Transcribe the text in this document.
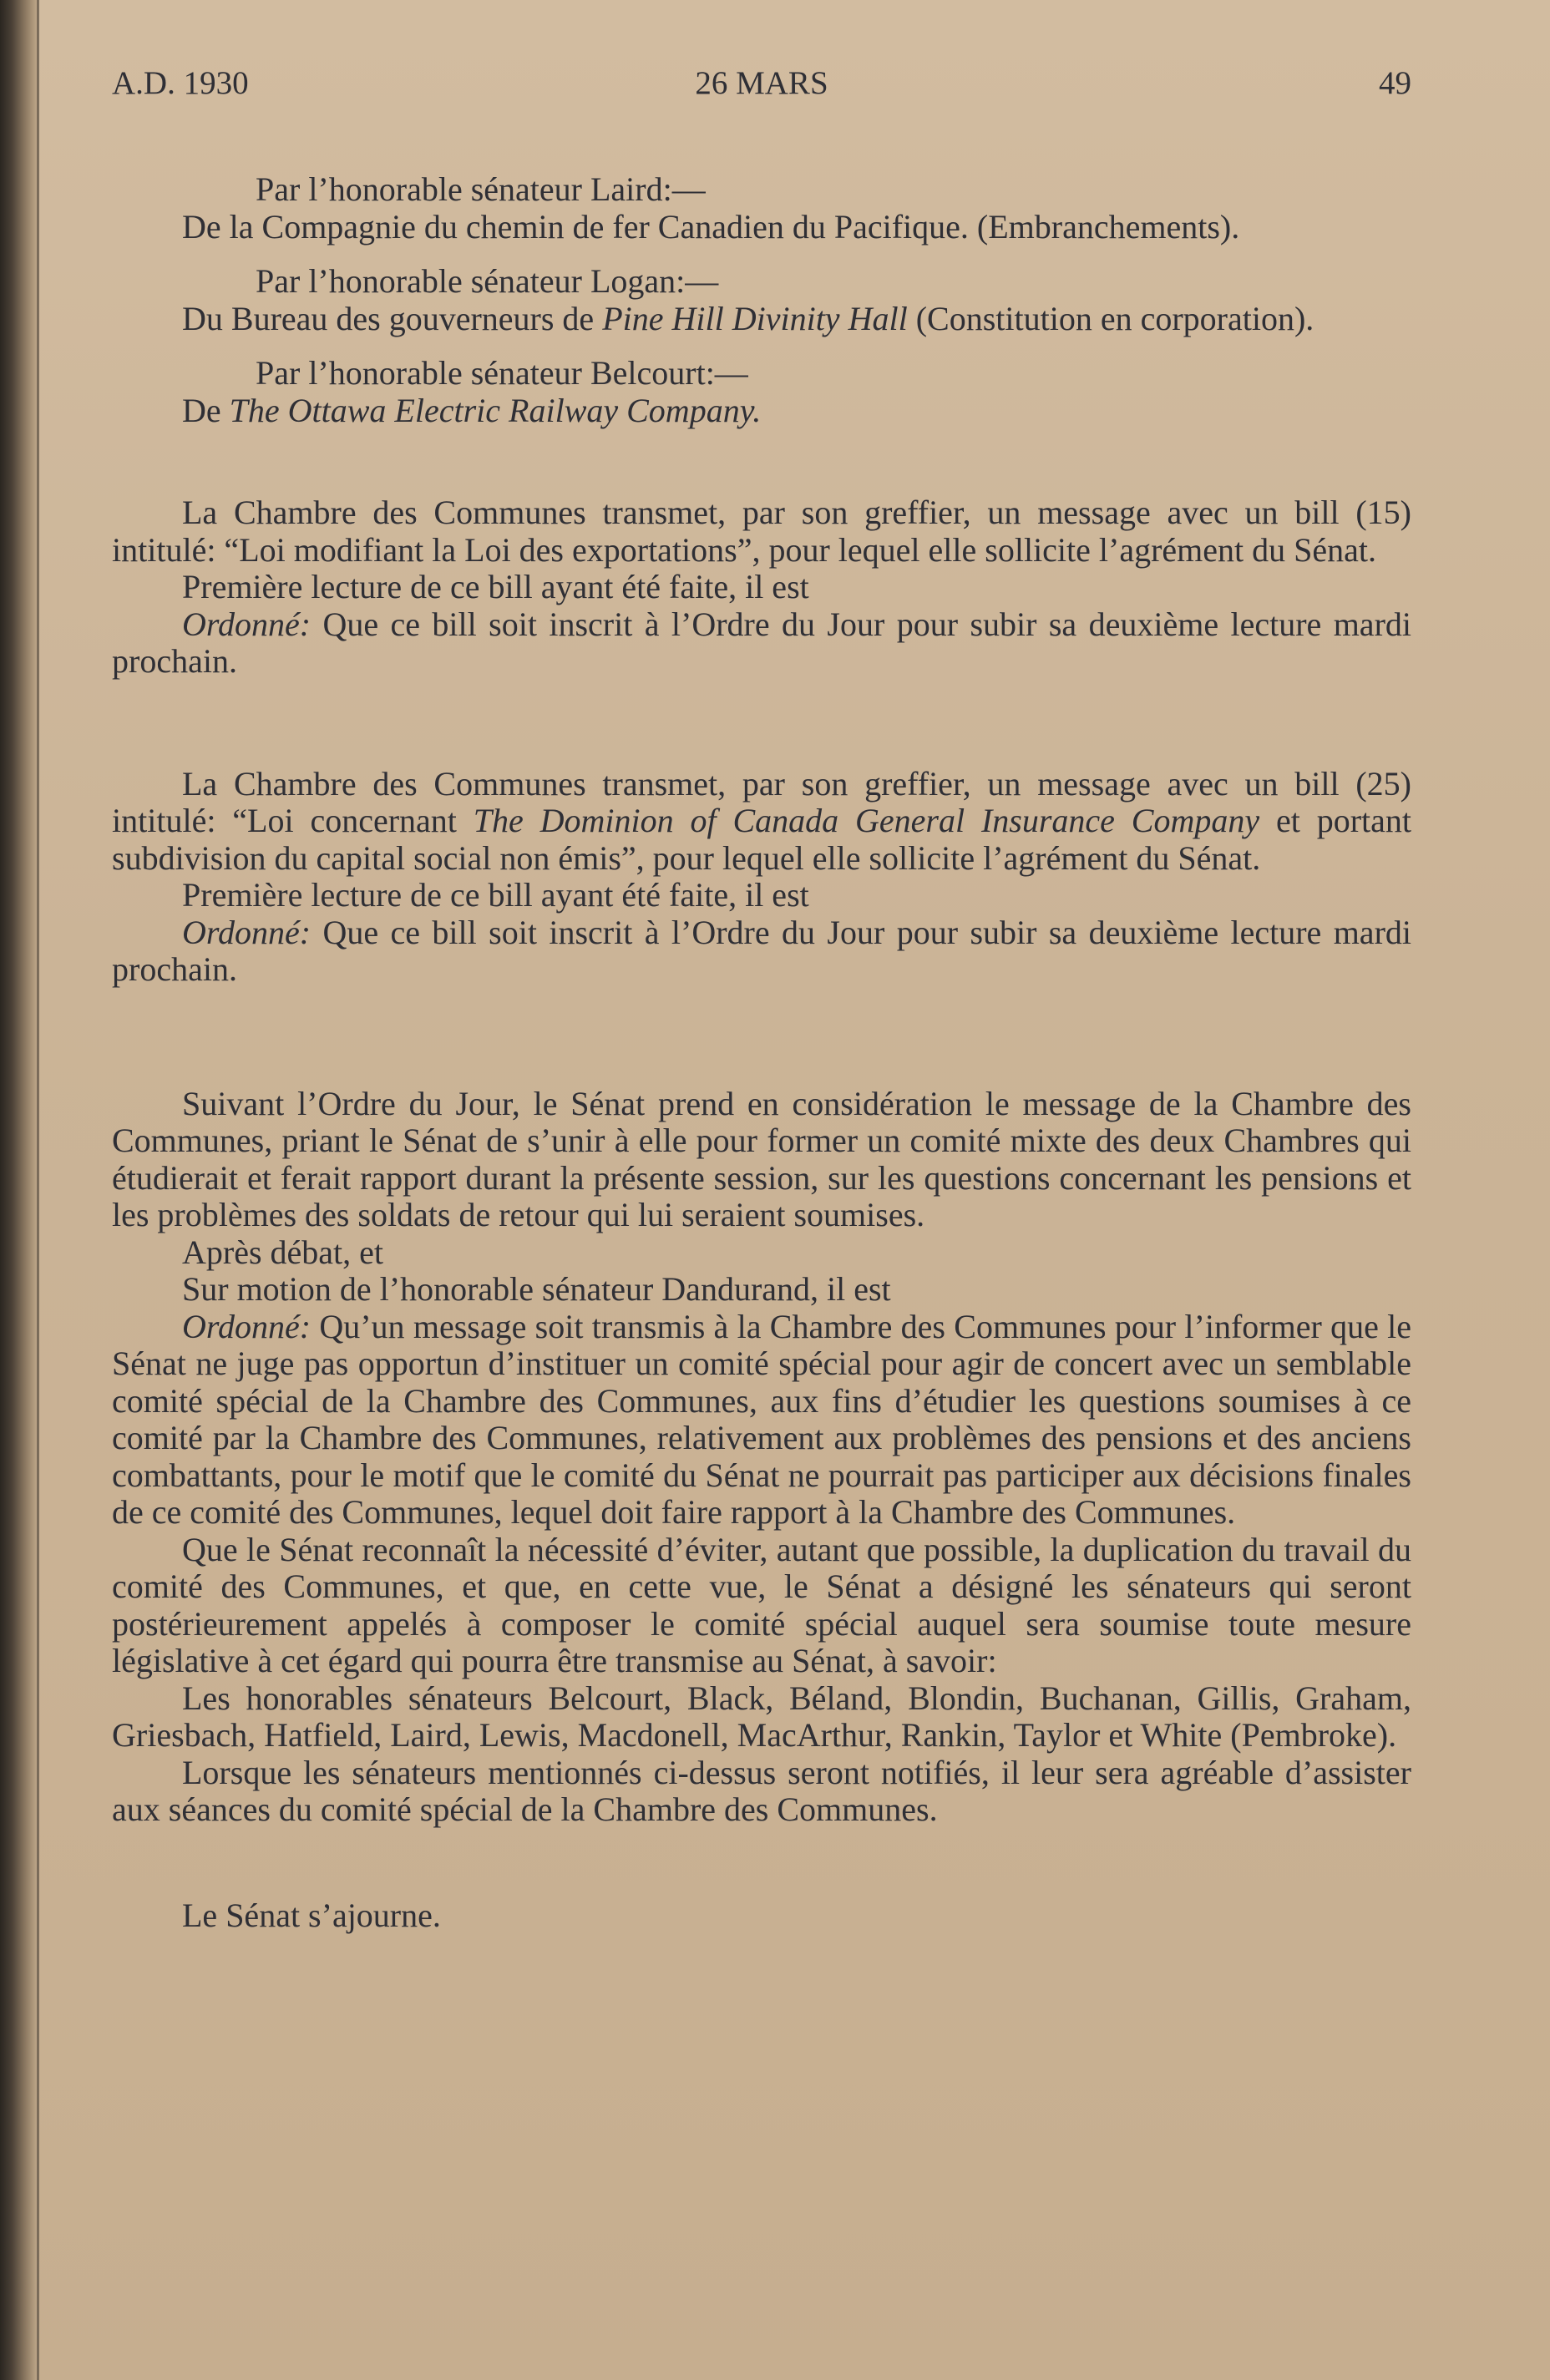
A.D. 1930	26 MARS	49

Par l’honorable sénateur Laird:—

De la Compagnie du chemin de fer Canadien du Pacifique. (Embranchements).

Par l’honorable sénateur Logan:—

Du Bureau des gouverneurs de Pine Hill Divinity Hall (Constitution en corporation).

Par l’honorable sénateur Belcourt:—

De The Ottawa Electric Railway Company.

La Chambre des Communes transmet, par son greffier, un message avec un bill (15) intitulé: “Loi modifiant la Loi des exportations”, pour lequel elle sollicite l’agrément du Sénat.

Première lecture de ce bill ayant été faite, il est

Ordonné: Que ce bill soit inscrit à l’Ordre du Jour pour subir sa deuxième lecture mardi prochain.

La Chambre des Communes transmet, par son greffier, un message avec un bill (25) intitulé: “Loi concernant The Dominion of Canada General Insurance Company et portant subdivision du capital social non émis”, pour lequel elle sollicite l’agrément du Sénat.

Première lecture de ce bill ayant été faite, il est

Ordonné: Que ce bill soit inscrit à l’Ordre du Jour pour subir sa deuxième lecture mardi prochain.

Suivant l’Ordre du Jour, le Sénat prend en considération le message de la Chambre des Communes, priant le Sénat de s’unir à elle pour former un comité mixte des deux Chambres qui étudierait et ferait rapport durant la présente session, sur les questions concernant les pensions et les problèmes des soldats de retour qui lui seraient soumises.

Après débat, et

Sur motion de l’honorable sénateur Dandurand, il est

Ordonné: Qu’un message soit transmis à la Chambre des Communes pour l’informer que le Sénat ne juge pas opportun d’instituer un comité spécial pour agir de concert avec un semblable comité spécial de la Chambre des Communes, aux fins d’étudier les questions soumises à ce comité par la Chambre des Communes, relativement aux problèmes des pensions et des anciens combattants, pour le motif que le comité du Sénat ne pourrait pas participer aux décisions finales de ce comité des Communes, lequel doit faire rapport à la Chambre des Communes.

Que le Sénat reconnaît la nécessité d’éviter, autant que possible, la duplication du travail du comité des Communes, et que, en cette vue, le Sénat a désigné les sénateurs qui seront postérieurement appelés à composer le comité spécial auquel sera soumise toute mesure législative à cet égard qui pourra être transmise au Sénat, à savoir:

Les honorables sénateurs Belcourt, Black, Béland, Blondin, Buchanan, Gillis, Graham, Griesbach, Hatfield, Laird, Lewis, Macdonell, MacArthur, Rankin, Taylor et White (Pembroke).

Lorsque les sénateurs mentionnés ci-dessus seront notifiés, il leur sera agréable d’assister aux séances du comité spécial de la Chambre des Communes.

Le Sénat s’ajourne.
